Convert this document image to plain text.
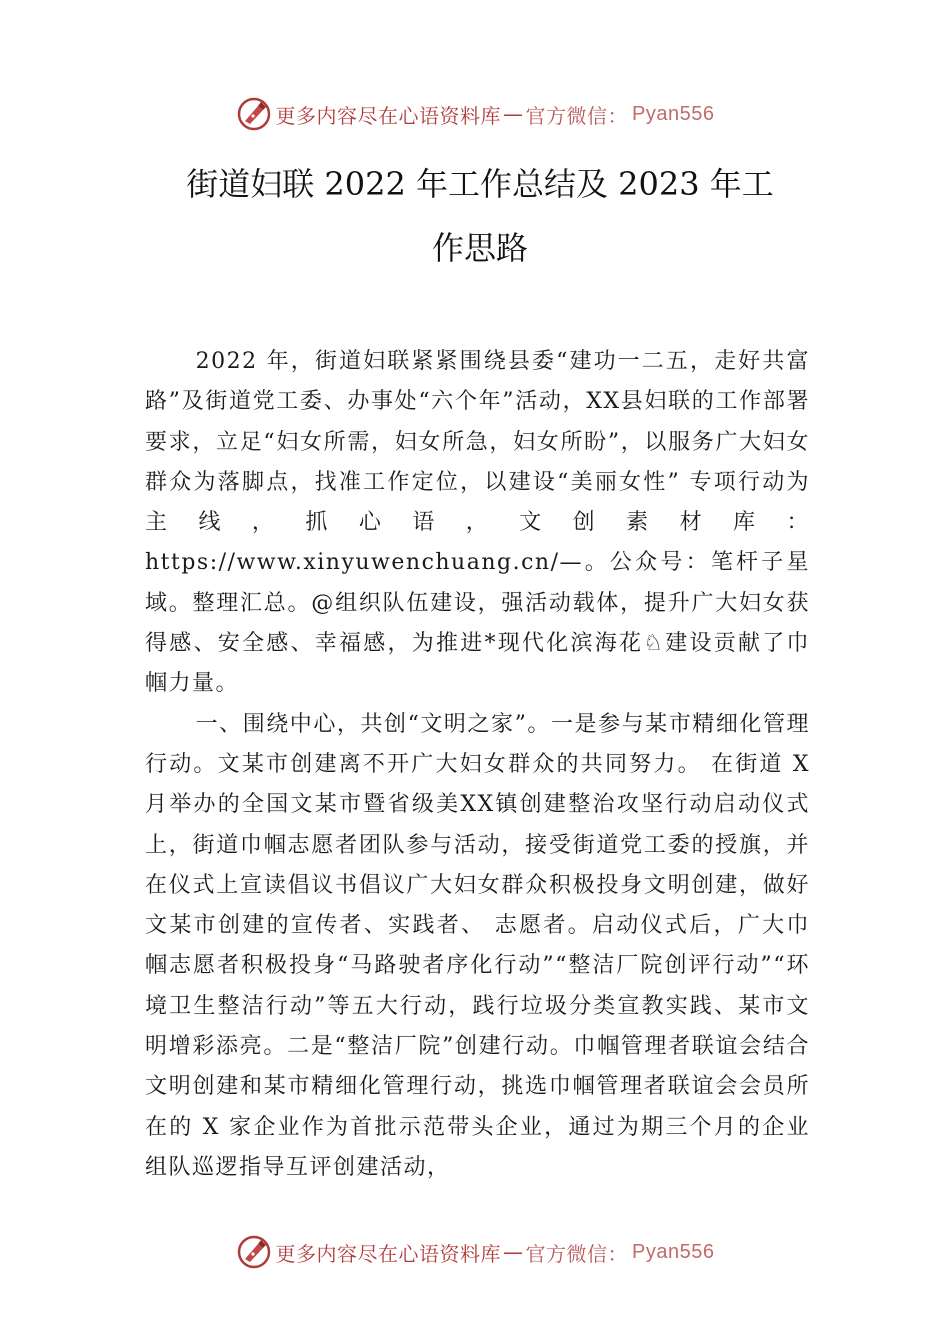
更多内容尽在心语资料库 — 官方微信： Pyan556
街道妇联 2022 年工作总结及 2023 年工
作思路

2022 年，街道妇联紧紧围绕县委“建功一二五，走好共富路”及街道党工委、办事处“六个年”活动，XX县妇联的工作部署要求，立足“妇女所需，妇女所急，妇女所盼”，以服务广大妇女群众为落脚点，找准工作定位，以建设“美丽女性” 专项行动为主线，抓心语，文创素材库：https://www.xinyuwenchuang.cn/—。公众号：笔杆子星域。整理汇总。@组织队伍建设，强活动载体，提升广大妇女获得感、安全感、幸福感，为推进*现代化滨海花♘建设贡献了巾帼力量。

一、围绕中心，共创“文明之家”。一是参与某市精细化管理行动。文某市创建离不开广大妇女群众的共同努力。 在街道 X月举办的全国文某市暨省级美XX镇创建整治攻坚行动启动仪式上，街道巾帼志愿者团队参与活动，接受街道党工委的授旗，并在仪式上宣读倡议书倡议广大妇女群众积极投身文明创建，做好文某市创建的宣传者、实践者、 志愿者。启动仪式后，广大巾帼志愿者积极投身“马路驶者序化行动”“整洁厂院创评行动”“环境卫生整洁行动”等五大行动，践行垃圾分类宣教实践、某市文明增彩添亮。二是“整洁厂院”创建行动。巾帼管理者联谊会结合文明创建和某市精细化管理行动，挑选巾帼管理者联谊会会员所在的 X 家企业作为首批示范带头企业，通过为期三个月的企业组队巡逻指导互评创建活动，

更多内容尽在心语资料库 — 官方微信： Pyan556
